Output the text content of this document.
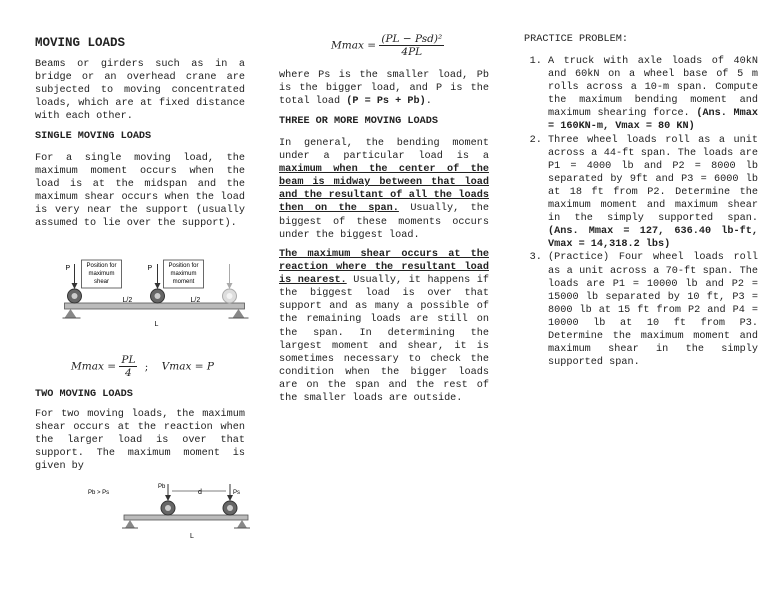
MOVING LOADS

Beams or girders such as in a bridge or an overhead crane are subjected to moving concentrated loads, which are at fixed distance with each other.

SINGLE MOVING LOADS

For a single moving load, the maximum moment occurs when the load is at the midspan and the maximum shear occurs when the load is very near the support (usually assumed to lie over the support).

P	P
Position for
maximum
shear
Position for
maximum
moment
L/2	L/2
L
$Mmax = \frac{PL}{4}$ ; Vmax = P

TWO MOVING LOADS

For two moving loads, the maximum shear occurs at the reaction when the larger load is over that support. The maximum moment is given by

Pb > Ps
Pb
Ps
d
L
$Mmax = \frac{\text{(PL − Psd)²}}{4PL}$

where Ps is the smaller load, Pb is the bigger load, and P is the total load (P = Ps + Pb).

THREE OR MORE MOVING LOADS

In general, the bending moment under a particular load is a maximum when the center of the beam is midway between that load and the resultant of all the loads then on the span. Usually, the biggest of these moments occurs under the biggest load.

The maximum shear occurs at the reaction where the resultant load is nearest. Usually, it happens if the biggest load is over that support and as many a possible of the remaining loads are still on the span. In determining the largest moment and shear, it is sometimes necessary to check the condition when the bigger loads are on the span and the rest of the smaller loads are outside.

PRACTICE PROBLEM:

1. A truck with axle loads of 40kN and 60kN on a wheel base of 5 m rolls across a 10-m span. Compute the maximum bending moment and maximum shearing force. (Ans. Mmax = 160KN-m, Vmax = 80 KN)
2. Three wheel loads roll as a unit across a 44-ft span. The loads are P1 = 4000 lb and P2 = 8000 lb separated by 9ft and P3 = 6000 lb at 18 ft from P2. Determine the maximum moment and maximum shear in the simply supported span. (Ans. Mmax = 127, 636.40 lb-ft, Vmax = 14,318.2 lbs)
3. (Practice) Four wheel loads roll as a unit across a 70-ft span. The loads are P1 = 10000 lb and P2 = 15000 lb separated by 10 ft, P3 = 8000 lb at 15 ft from P2 and P4 = 10000 lb at 10 ft from P3. Determine the maximum moment and maximum shear in the simply supported span.
